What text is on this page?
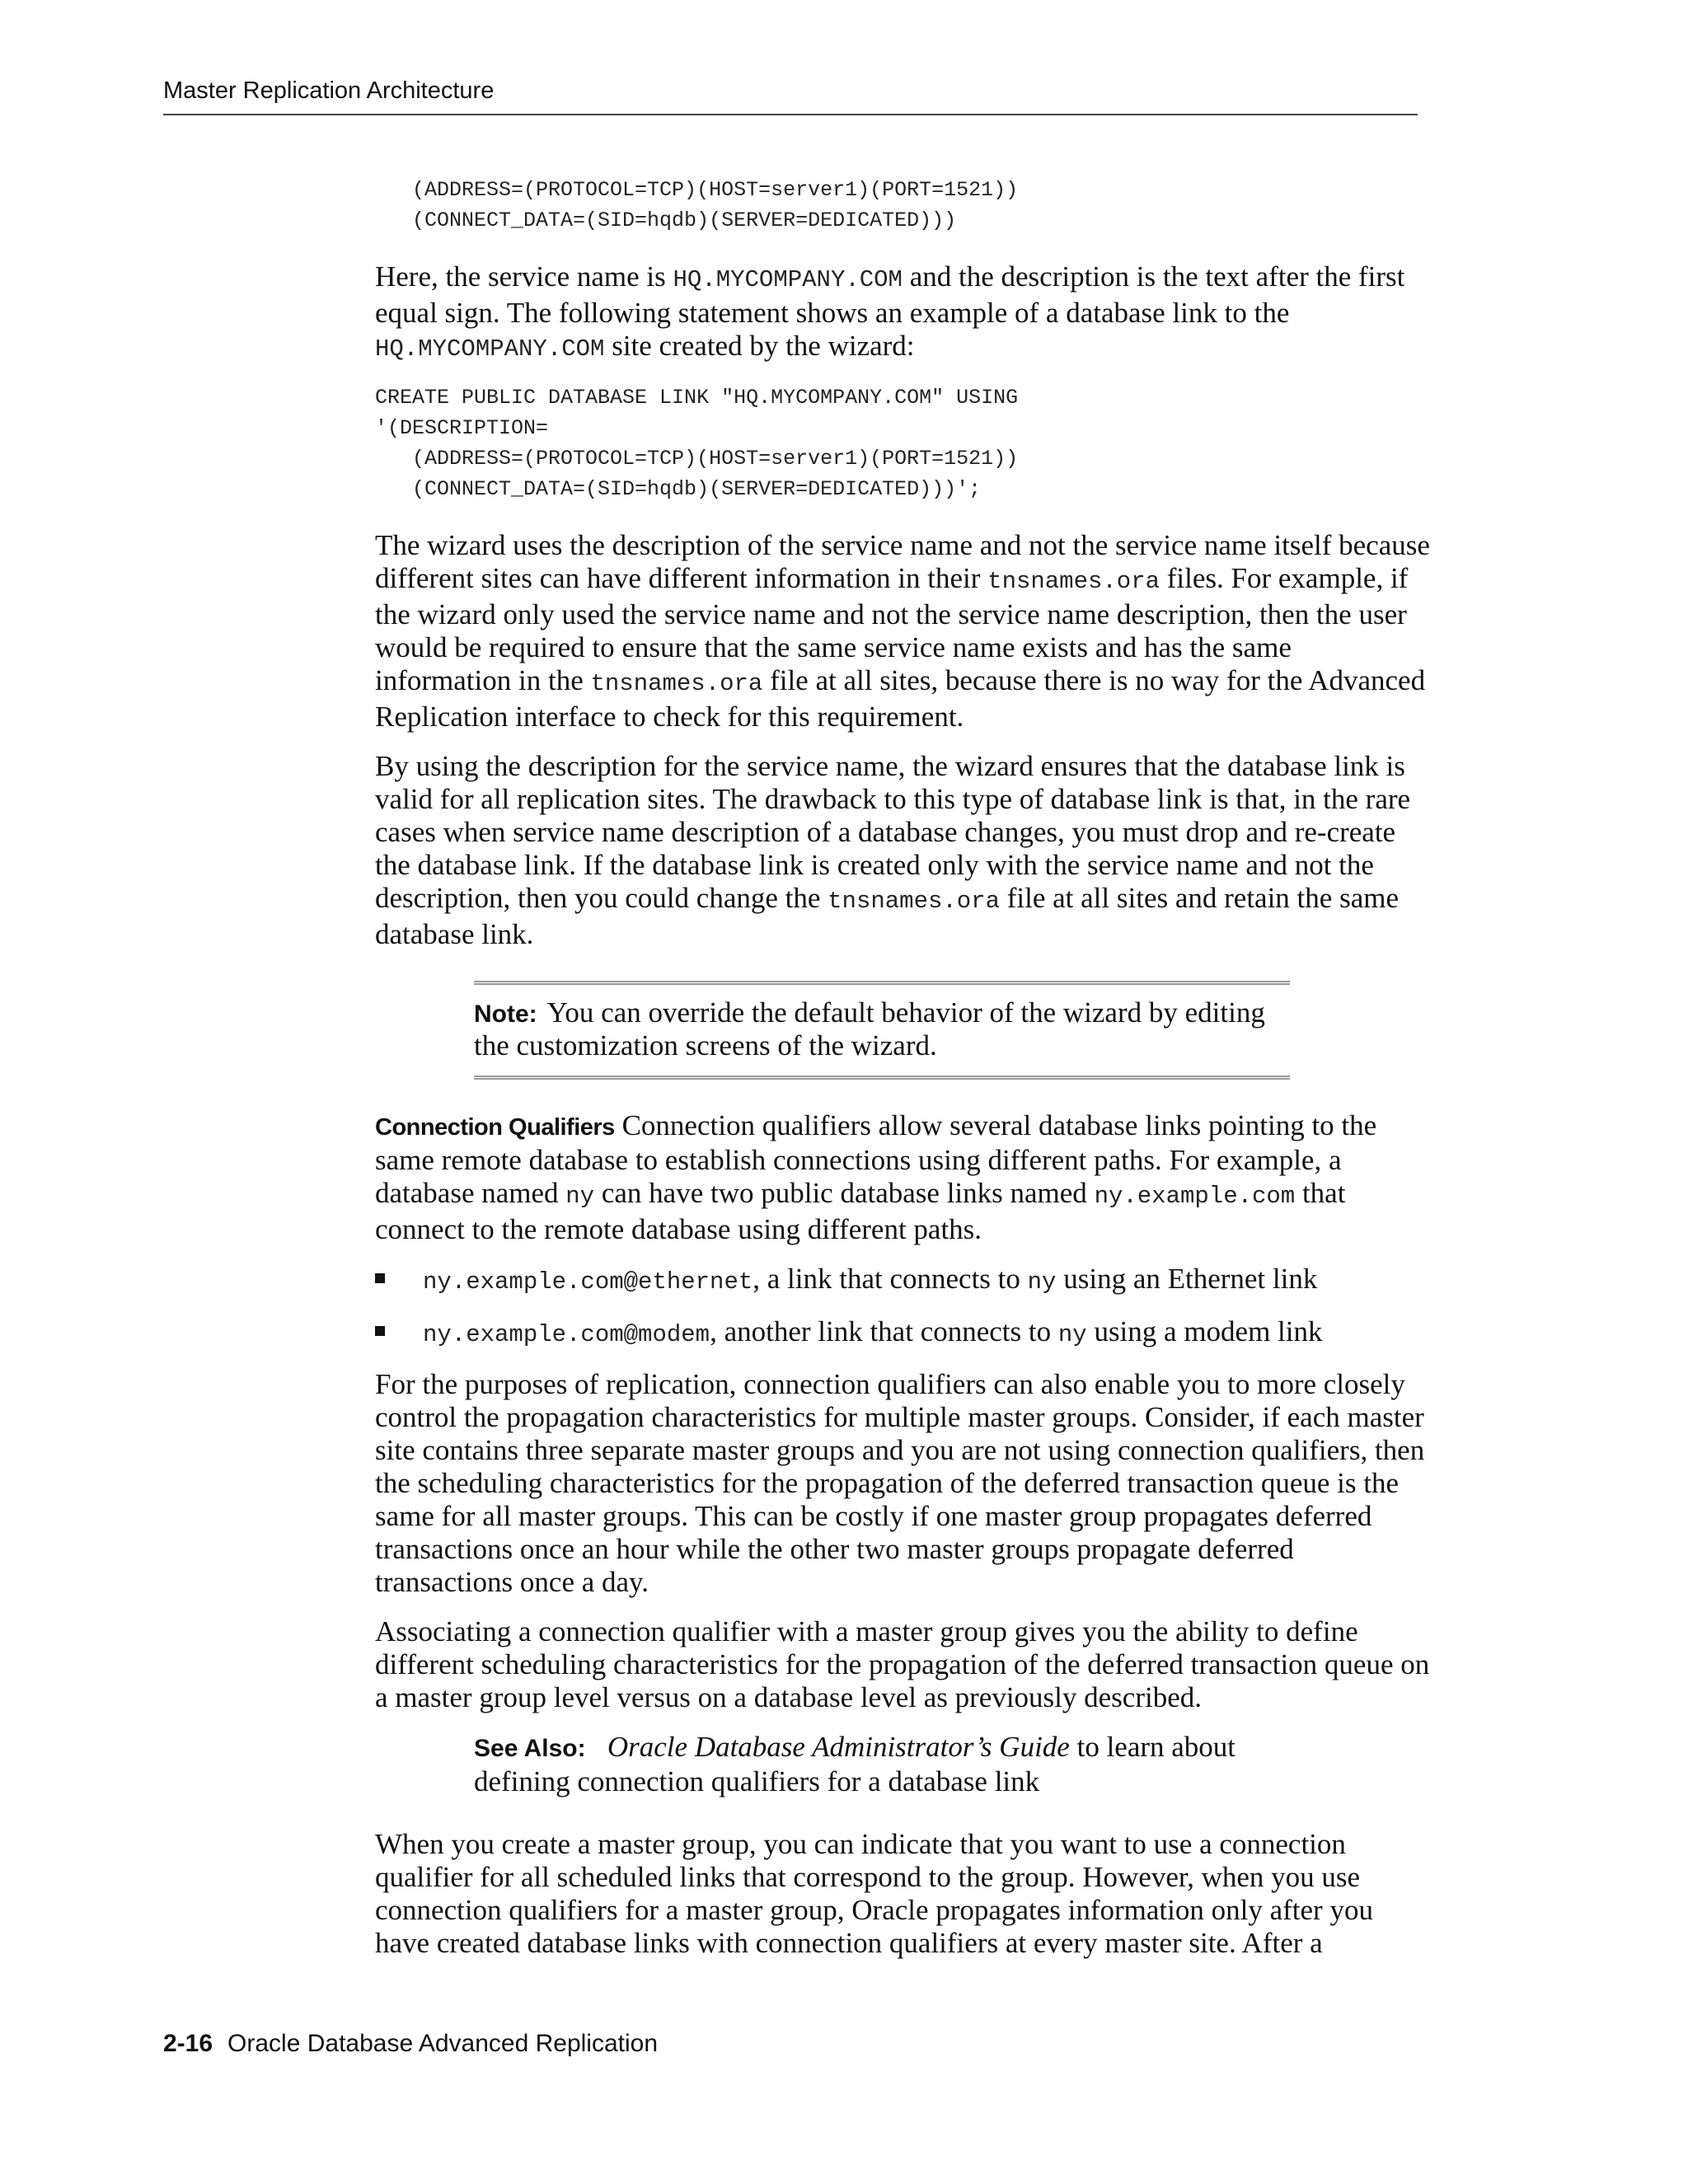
Master Replication Architecture
(ADDRESS=(PROTOCOL=TCP)(HOST=server1)(PORT=1521))
(CONNECT_DATA=(SID=hqdb)(SERVER=DEDICATED)))

Here, the service name is HQ.MYCOMPANY.COM and the description is the text after the first equal sign. The following statement shows an example of a database link to the HQ.MYCOMPANY.COM site created by the wizard:

CREATE PUBLIC DATABASE LINK "HQ.MYCOMPANY.COM" USING
'(DESCRIPTION=
(ADDRESS=(PROTOCOL=TCP)(HOST=server1)(PORT=1521))
(CONNECT_DATA=(SID=hqdb)(SERVER=DEDICATED)))';

The wizard uses the description of the service name and not the service name itself because different sites can have different information in their tnsnames.ora files. For example, if the wizard only used the service name and not the service name description, then the user would be required to ensure that the same service name exists and has the same information in the tnsnames.ora file at all sites, because there is no way for the Advanced Replication interface to check for this requirement.

By using the description for the service name, the wizard ensures that the database link is valid for all replication sites. The drawback to this type of database link is that, in the rare cases when service name description of a database changes, you must drop and re-create the database link. If the database link is created only with the service name and not the description, then you could change the tnsnames.ora file at all sites and retain the same database link.

Note: You can override the default behavior of the wizard by editing the customization screens of the wizard.

Connection Qualifiers Connection qualifiers allow several database links pointing to the same remote database to establish connections using different paths. For example, a database named ny can have two public database links named ny.example.com that connect to the remote database using different paths.

ny.example.com@ethernet, a link that connects to ny using an Ethernet link
ny.example.com@modem, another link that connects to ny using a modem link

For the purposes of replication, connection qualifiers can also enable you to more closely control the propagation characteristics for multiple master groups. Consider, if each master site contains three separate master groups and you are not using connection qualifiers, then the scheduling characteristics for the propagation of the deferred transaction queue is the same for all master groups. This can be costly if one master group propagates deferred transactions once an hour while the other two master groups propagate deferred transactions once a day.

Associating a connection qualifier with a master group gives you the ability to define different scheduling characteristics for the propagation of the deferred transaction queue on a master group level versus on a database level as previously described.

See Also: Oracle Database Administrator’s Guide to learn about defining connection qualifiers for a database link

When you create a master group, you can indicate that you want to use a connection qualifier for all scheduled links that correspond to the group. However, when you use connection qualifiers for a master group, Oracle propagates information only after you have created database links with connection qualifiers at every master site. After a

2-16 Oracle Database Advanced Replication
